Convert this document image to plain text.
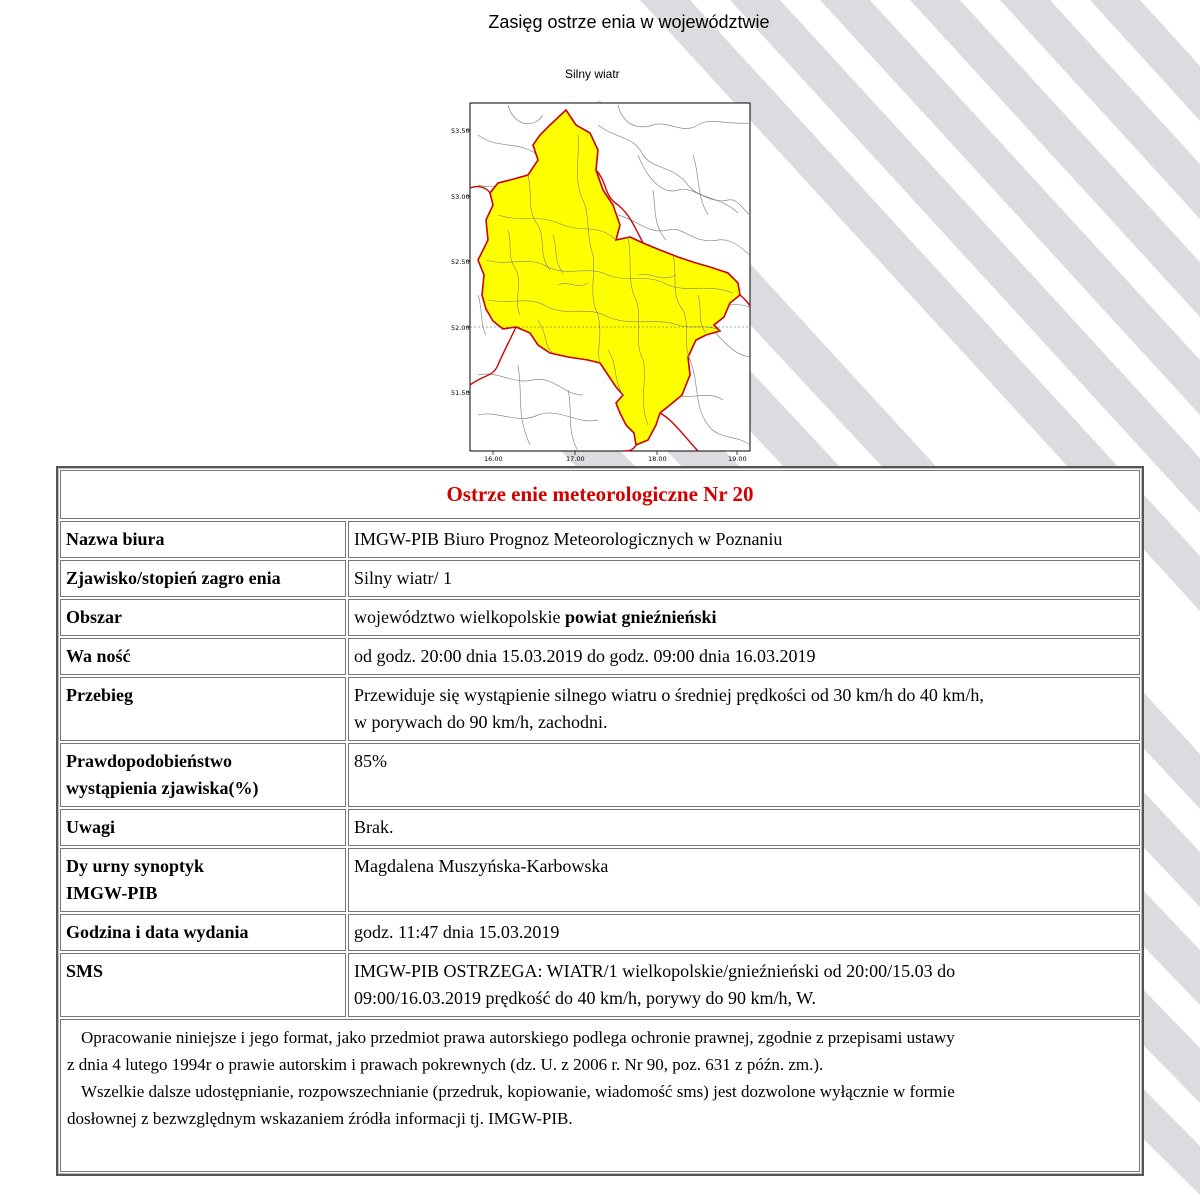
Zasięg ostrze enia w województwie
Silny wiatr
53.50
53.00
52.50
52.00
51.50
16.00	17.00	18.00	19.00
Ostrze enie meteorologiczne Nr 20	
Nazwa biura	IMGW-PIB Biuro Prognoz Meteorologicznych w Poznaniu
Zjawisko/stopień zagro enia	Silny wiatr/ 1
Obszar	województwo wielkopolskie powiat gnieźnieński
Wa ność	od godz. 20:00 dnia 15.03.2019 do godz. 09:00 dnia 16.03.2019
Przebieg	Przewiduje się wystąpienie silnego wiatru o średniej prędkości od 30 km/h do 40 km/h,
w porywach do 90 km/h, zachodni.
Prawdopodobieństwo
wystąpienia zjawiska(%)	85%
Uwagi	Brak.
Dy urny synoptyk
IMGW-PIB	Magdalena Muszyńska-Karbowska
Godzina i data wydania	godz. 11:47 dnia 15.03.2019
SMS	IMGW-PIB OSTRZEGA: WIATR/1 wielkopolskie/gnieźnieński od 20:00/15.03 do
09:00/16.03.2019 prędkość do 40 km/h, porywy do 90 km/h, W.
Opracowanie niniejsze i jego format, jako przedmiot prawa autorskiego podlega ochronie prawnej, zgodnie z przepisami ustawy
z dnia 4 lutego 1994r o prawie autorskim i prawach pokrewnych (dz. U. z 2006 r. Nr 90, poz. 631 z późn. zm.).
Wszelkie dalsze udostępnianie, rozpowszechnianie (przedruk, kopiowanie, wiadomość sms) jest dozwolone wyłącznie w formie
dosłownej z bezwzględnym wskazaniem źródła informacji tj. IMGW-PIB.	
